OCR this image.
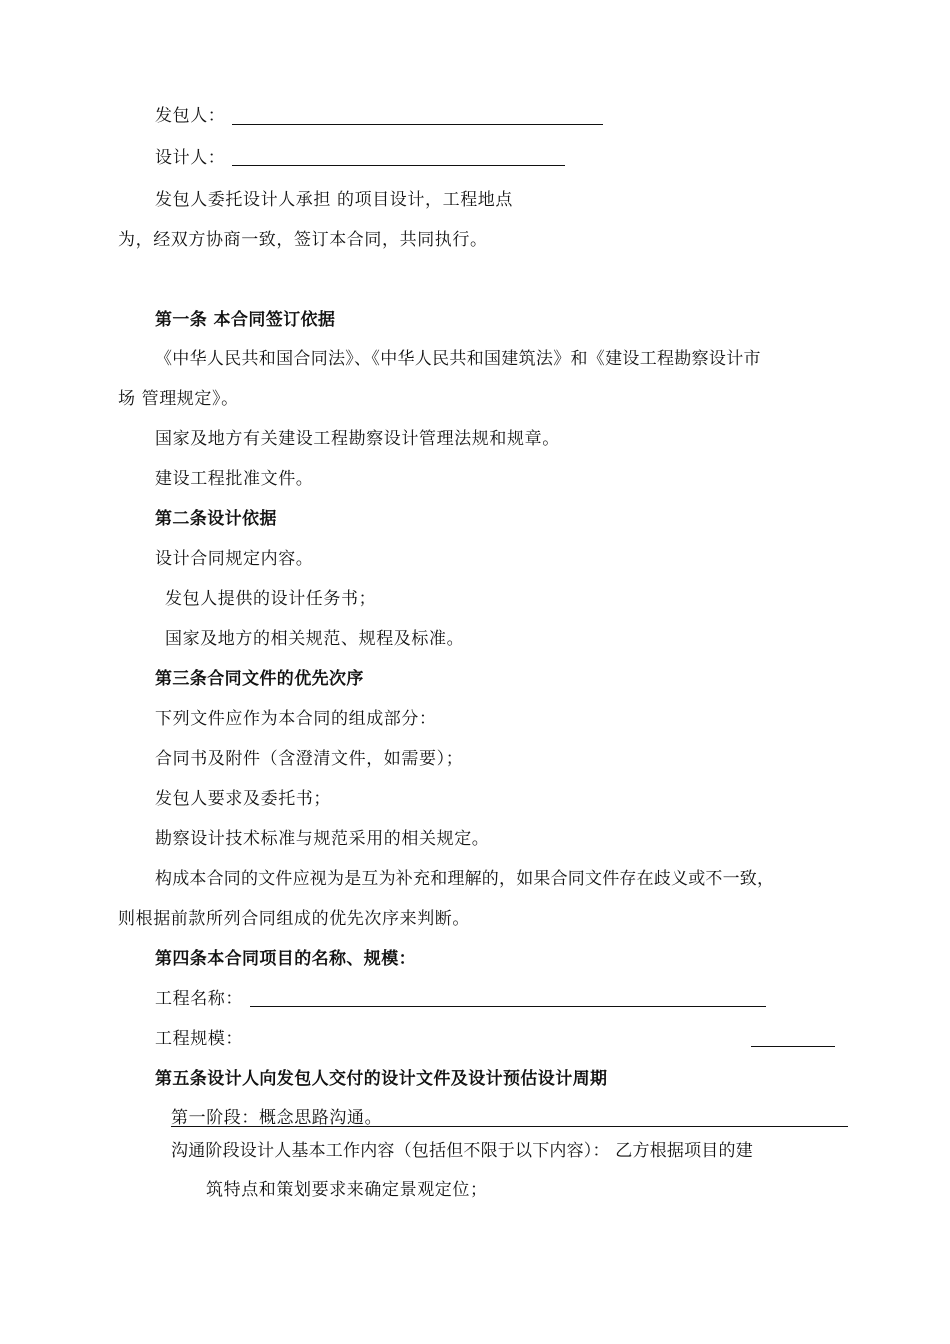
发包人：
设计人：
发包人委托设计人承担 的项目设计，工程地点
为，经双方协商一致，签订本合同，共同执行。
第一条 本合同签订依据
《中华人民共和国合同法》、《中华人民共和国建筑法》和《建设工程勘察设计市
场 管理规定》。
国家及地方有关建设工程勘察设计管理法规和规章。
建设工程批准文件。
第二条设计依据
设计合同规定内容。
发包人提供的设计任务书；
国家及地方的相关规范、规程及标准。
第三条合同文件的优先次序
下列文件应作为本合同的组成部分：
合同书及附件（含澄清文件，如需要）；
发包人要求及委托书；
勘察设计技术标准与规范采用的相关规定。
构成本合同的文件应视为是互为补充和理解的，如果合同文件存在歧义或不一致，
则根据前款所列合同组成的优先次序来判断。
第四条本合同项目的名称、规模：
工程名称：
工程规模：
第五条设计人向发包人交付的设计文件及设计预估设计周期
第一阶段：概念思路沟通。
沟通阶段设计人基本工作内容（包括但不限于以下内容）： 乙方根据项目的建
筑特点和策划要求来确定景观定位；
